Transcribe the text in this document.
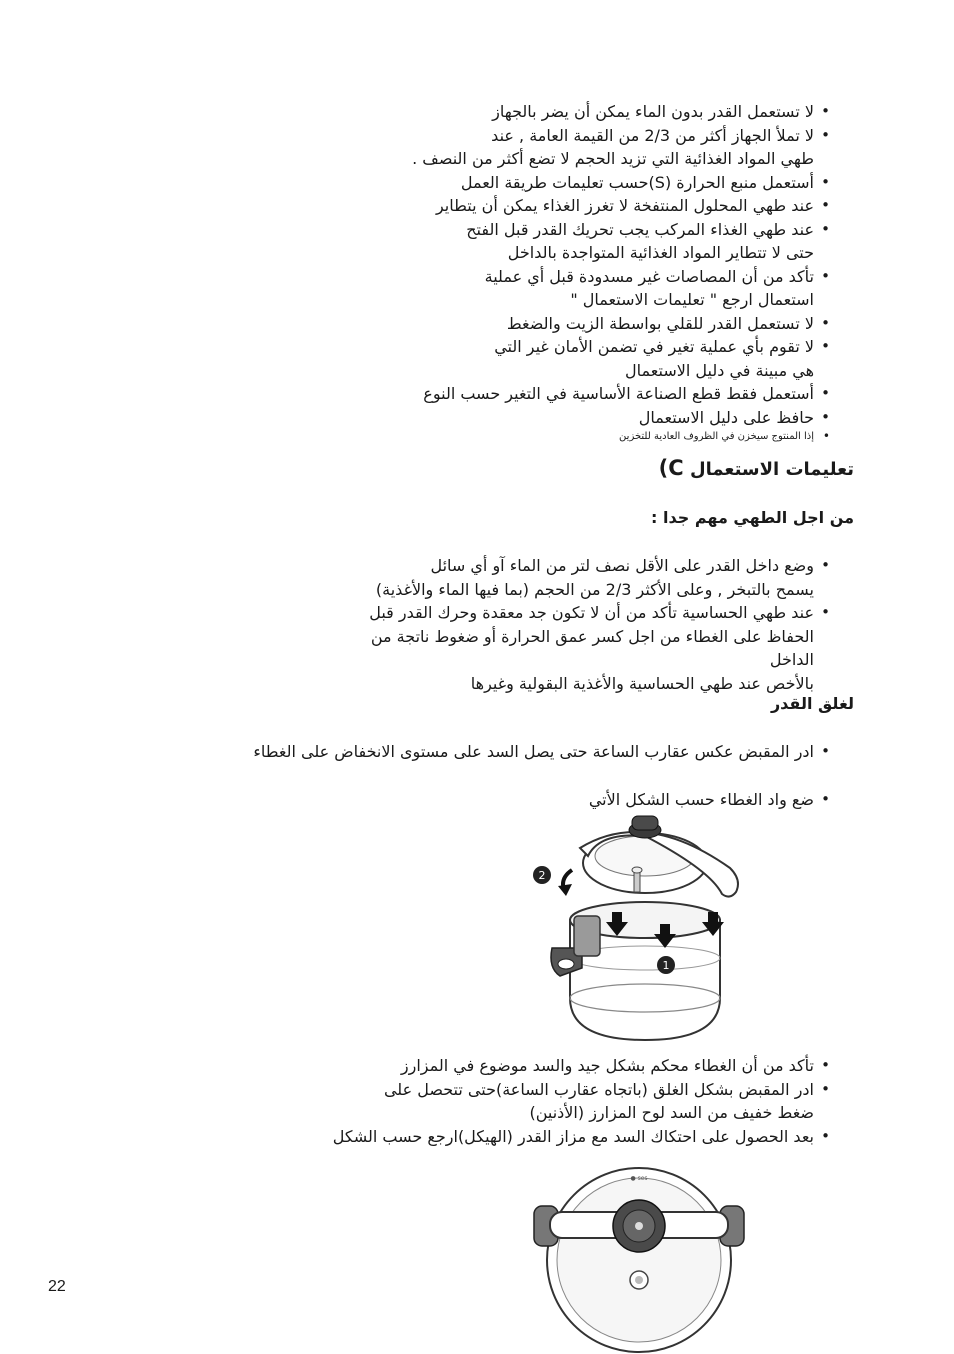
• لا تستعمل القدر بدون الماء يمكن أن يضر بالجهاز
• لا تملأ الجهاز أكثر من 2/3 من القيمة العامة , عند
طهي المواد الغذائية التي تزيد الحجم لا تضع أكثر من النصف .
• أستعمل منبع الحرارة (S)حسب تعليمات طريقة العمل
• عند طهي المحلول المنتفخة لا تغرز الغذاء يمكن أن يتطاير
• عند طهي الغذاء المركب يجب تحريك القدر قبل الفتح
حتى لا تتطاير المواد الغذائية المتواجدة بالداخل
• تأكد من أن المصاصات غير مسدودة قبل أي عملية
استعمال ارجع " تعليمات الاستعمال "
• لا تستعمل القدر للقلي بواسطة الزيت والضغط
• لا تقوم بأي عملية تغير في تضمن الأمان غير التي
هي مبينة في دليل الاستعمال
• أستعمل فقط قطع الصناعة الأساسية في التغير حسب النوع
• حافظ على دليل الاستعمال
• ﺇﺫﺍ ﺍﻟﻤﻨﺘﻮﺝ ﺳﻴﺨﺰﻥ ﻓﻲ ﺍﻟﻈﺮﻭﻑ ﺍﻟﻌﺎﺩﻳﺔ ﻟﻠﺘﺨﺰﻳﻦ
تعليمات الاستعمال C)
من اجل الطهي مهم جدا :
• وضع داخل القدر على الأقل نصف لتر من الماء آو أي سائل
يسمح بالتبخر , وعلى الأكثر 2/3 من الحجم (بما فيها الماء والأغذية)
• عند طهي الحساسية تأكد من أن لا تكون جد معقدة وحرك القدر قبل
الحفاظ على الغطاء من اجل كسر عمق الحرارة أو ضغوط ناتجة من الداخل
بالأخص عند طهي الحساسية والأغذية البقولية وغيرها
لغلق القدر
• ادر المقبض عكس عقارب الساعة حتى يصل السد على مستوى الانخفاض على الغطاء
• ضع واد الغطاء حسب الشكل الأتي
2
1
• تأكد من أن الغطاء محكم بشكل جيد والسد موضوع في المزارز
• ادر المقبض بشكل الغلق (باتجاه عقارب الساعة)حتى تتحصل على
ضغط خفيف من السد لوح المزارز (الأذنين)
• بعد الحصول على احتكاك السد مع مزاز القدر (الهيكل)ارجع حسب الشكل
● ses
22
